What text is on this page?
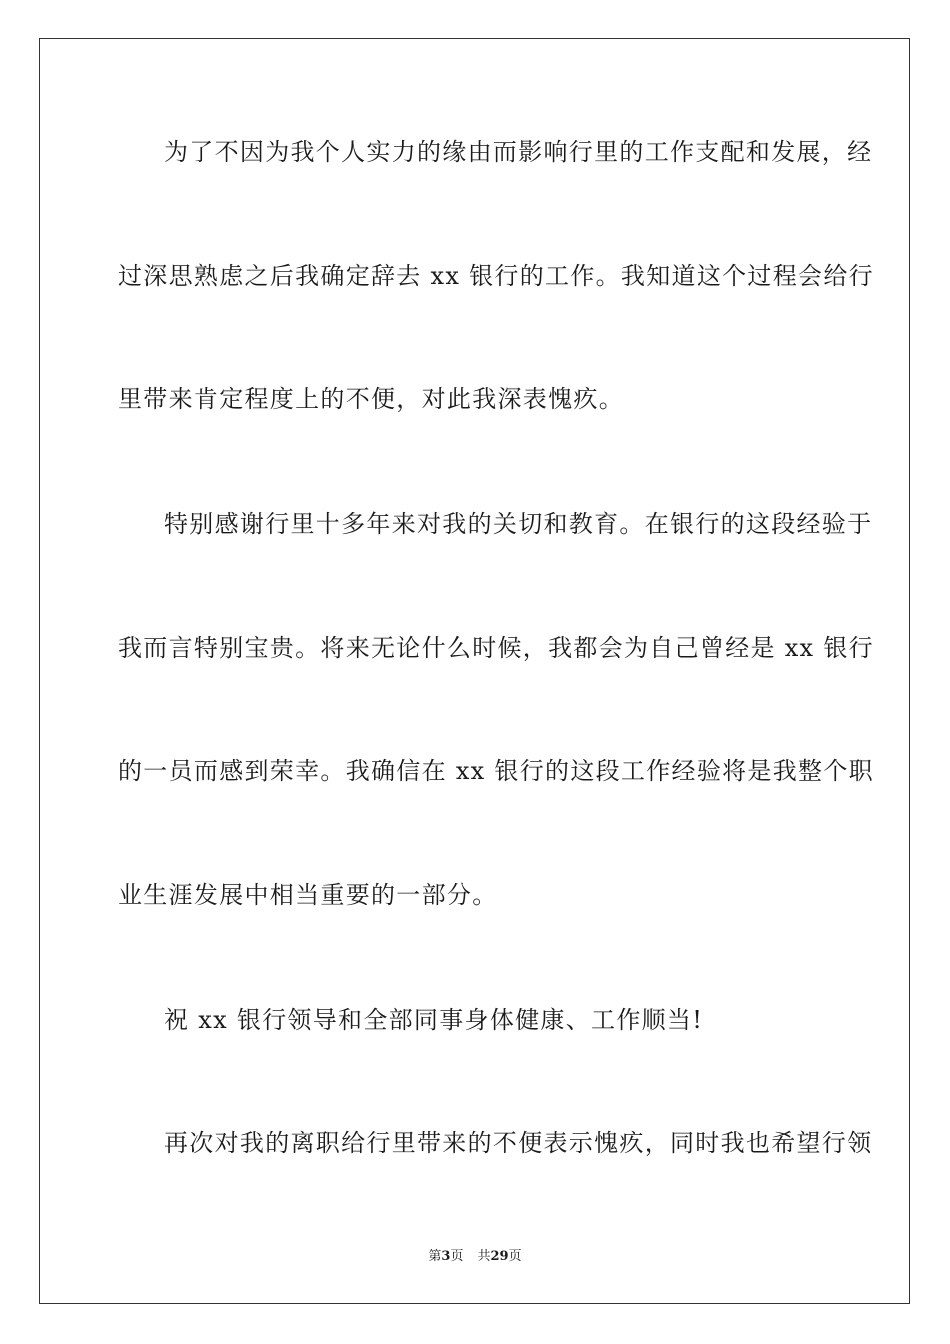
为了不因为我个人实力的缘由而影响行里的工作支配和发展，经
过深思熟虑之后我确定辞去 xx 银行的工作。我知道这个过程会给行
里带来肯定程度上的不便，对此我深表愧疚。
特别感谢行里十多年来对我的关切和教育。在银行的这段经验于
我而言特别宝贵。将来无论什么时候，我都会为自己曾经是 xx 银行
的一员而感到荣幸。我确信在 xx 银行的这段工作经验将是我整个职
业生涯发展中相当重要的一部分。
祝 xx 银行领导和全部同事身体健康、工作顺当!
再次对我的离职给行里带来的不便表示愧疚，同时我也希望行领
第3页 共29页
